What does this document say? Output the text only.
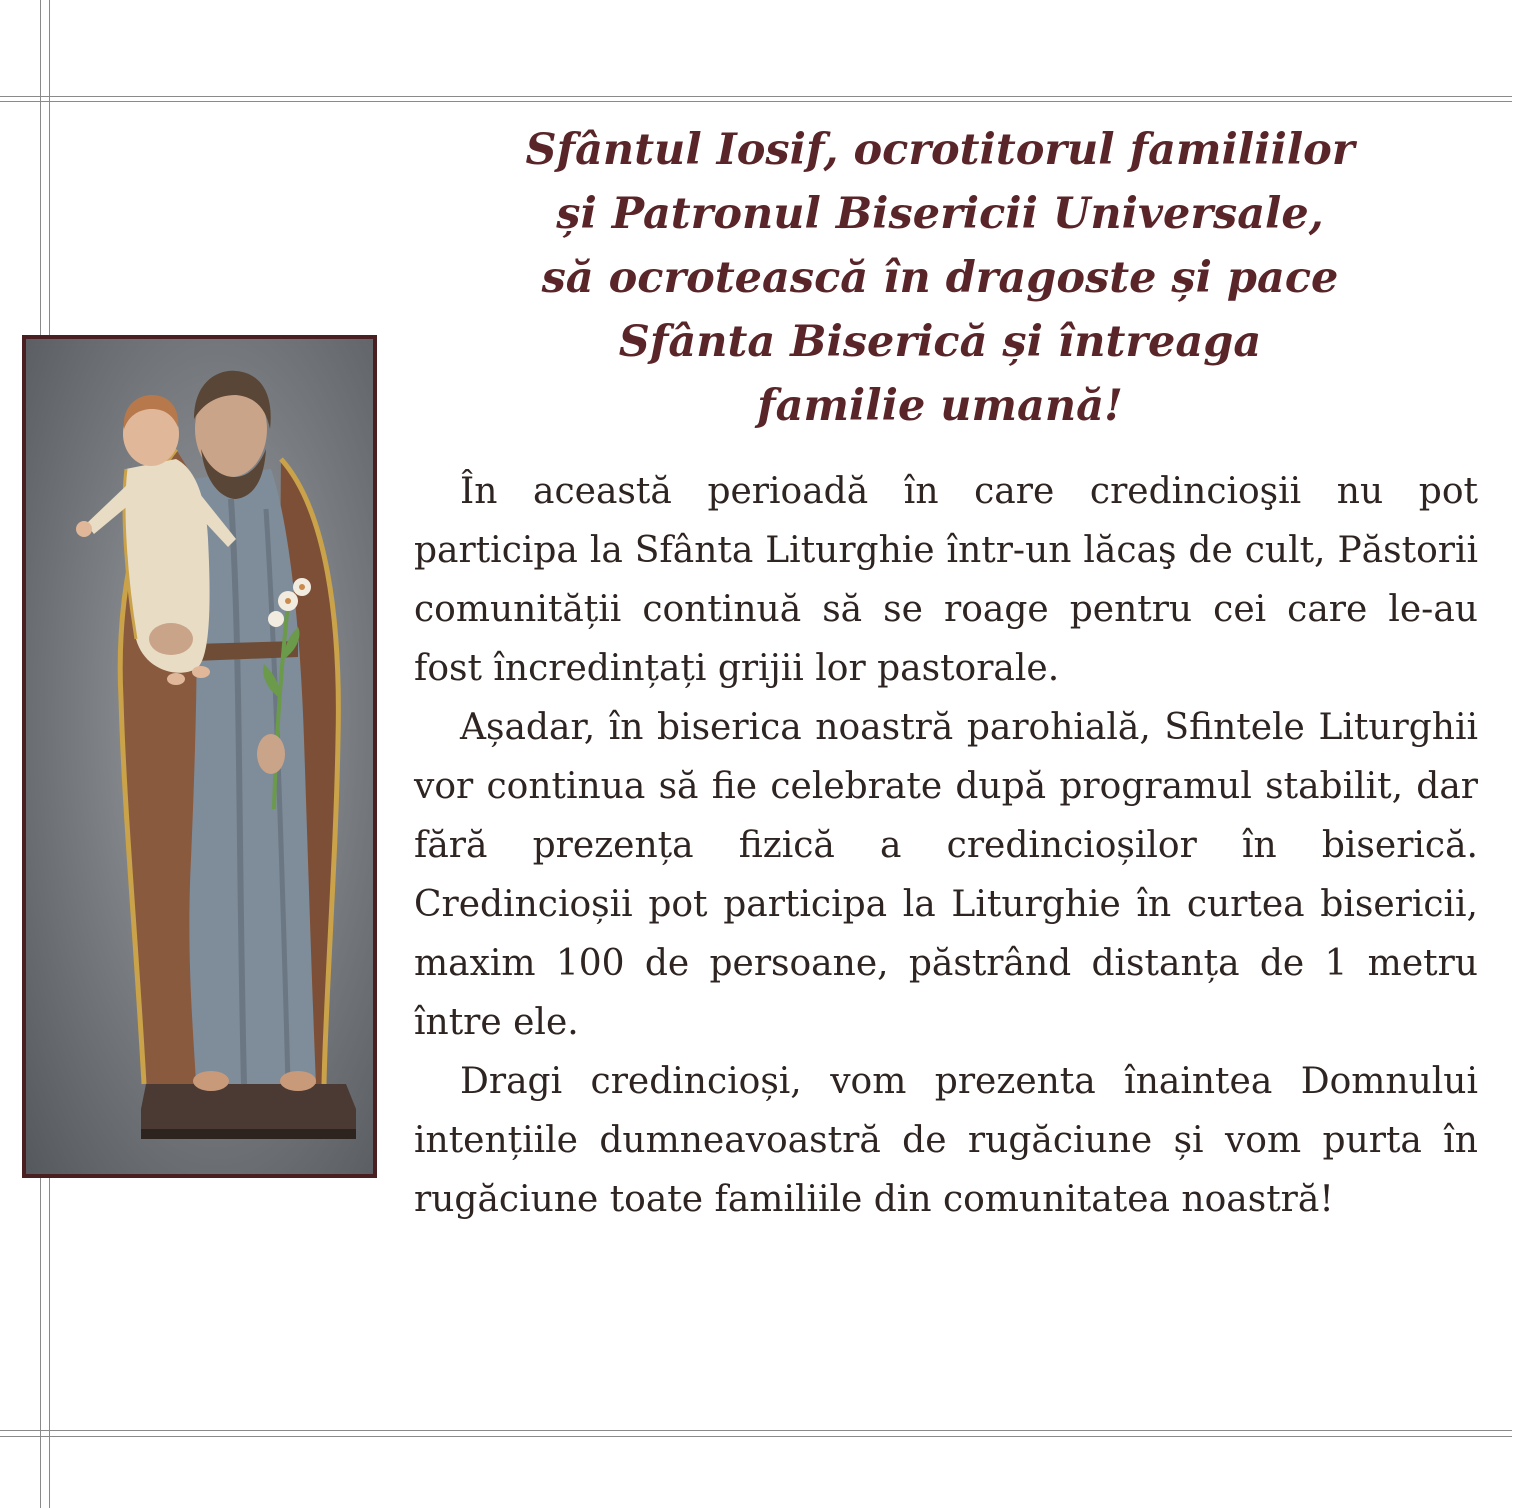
Sfântul Iosif, ocrotitorul familiilor
și Patronul Bisericii Universale,
să ocrotească în dragoste și pace
Sfânta Biserică și întreaga
familie umană!

În această perioadă în care credincioşii nu pot participa la Sfânta Liturghie într-un lăcaş de cult, Păstorii comunității continuă să se roage pentru cei care le-au fost încredințați grijii lor pastorale.

Așadar, în biserica noastră parohială, Sfintele Liturghii vor continua să fie celebrate după programul stabilit, dar fără prezența fizică a credincioșilor în biserică. Credincioșii pot participa la Liturghie în curtea bisericii, maxim 100 de persoane, păstrând distanța de 1 metru între ele.

Dragi credincioși, vom prezenta înaintea Domnului intențiile dumneavoastră de rugăciune și vom purta în rugăciune toate familiile din comunitatea noastră!
